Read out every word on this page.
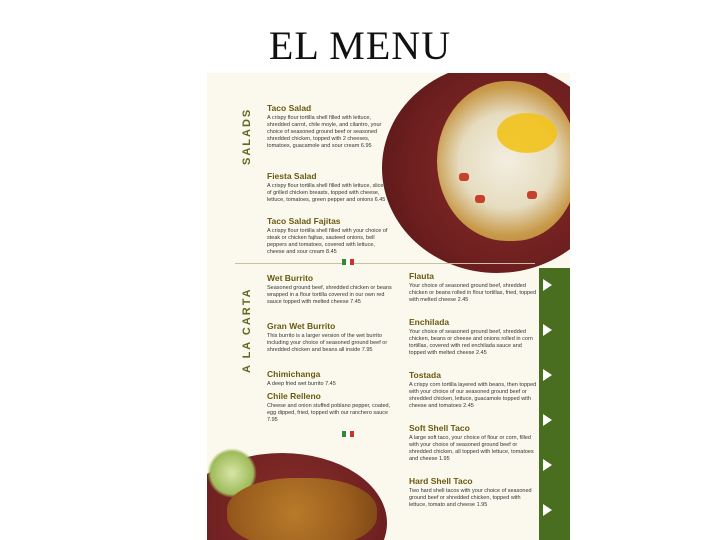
EL MENU
SALADS
A LA CARTA
Taco Salad
A crispy flour tortilla shell filled with lettuce, shredded carrot, chile moyle, and cilantro, your choice of seasoned ground beef or seasoned shredded chicken, topped with 2 cheeses, tomatoes, guacamole and sour cream 6.95
Fiesta Salad
A crispy flour tortilla shell filled with lettuce, slices of grilled chicken breasts, topped with cheese, lettuce, tomatoes, green pepper and onions 6.45
Taco Salad Fajitas
A crispy flour tortilla shell filled with your choice of steak or chicken fajitas, sauteed onions, bell peppers and tomatoes, covered with lettuce, cheese and sour cream 8.45
Wet Burrito
Seasoned ground beef, shredded chicken or beans wrapped in a flour tortilla covered in our own red sauce topped with melted cheese 7.45
Gran Wet Burrito
This burrito is a larger version of the wet burrito including your choice of seasoned ground beef or shredded chicken and beans all inside 7.95
Chimichanga
A deep fried wet burrito 7.45
Chile Relleno
Cheese and onion stuffed poblano pepper, coated, egg dipped, fried, topped with our ranchero sauce 7.95
Flauta
Your choice of seasoned ground beef, shredded chicken or beans rolled in flour tortillas, fried, topped with melted cheese 2.45
Enchilada
Your choice of seasoned ground beef, shredded chicken, beans or cheese and onions rolled in corn tortillas, covered with red enchilada sauce and topped with melted cheese 2.45
Tostada
A crispy corn tortilla layered with beans, then topped with your choice of our seasoned ground beef or shredded chicken, lettuce, guacamole topped with cheese and tomatoes 2.45
Soft Shell Taco
A large soft taco, your choice of flour or corn, filled with your choice of seasoned ground beef or shredded chicken, all topped with lettuce, tomatoes and cheese 1.95
Hard Shell Taco
Two hard shell tacos with your choice of seasoned ground beef or shredded chicken, topped with lettuce, tomato and cheese 1.95
